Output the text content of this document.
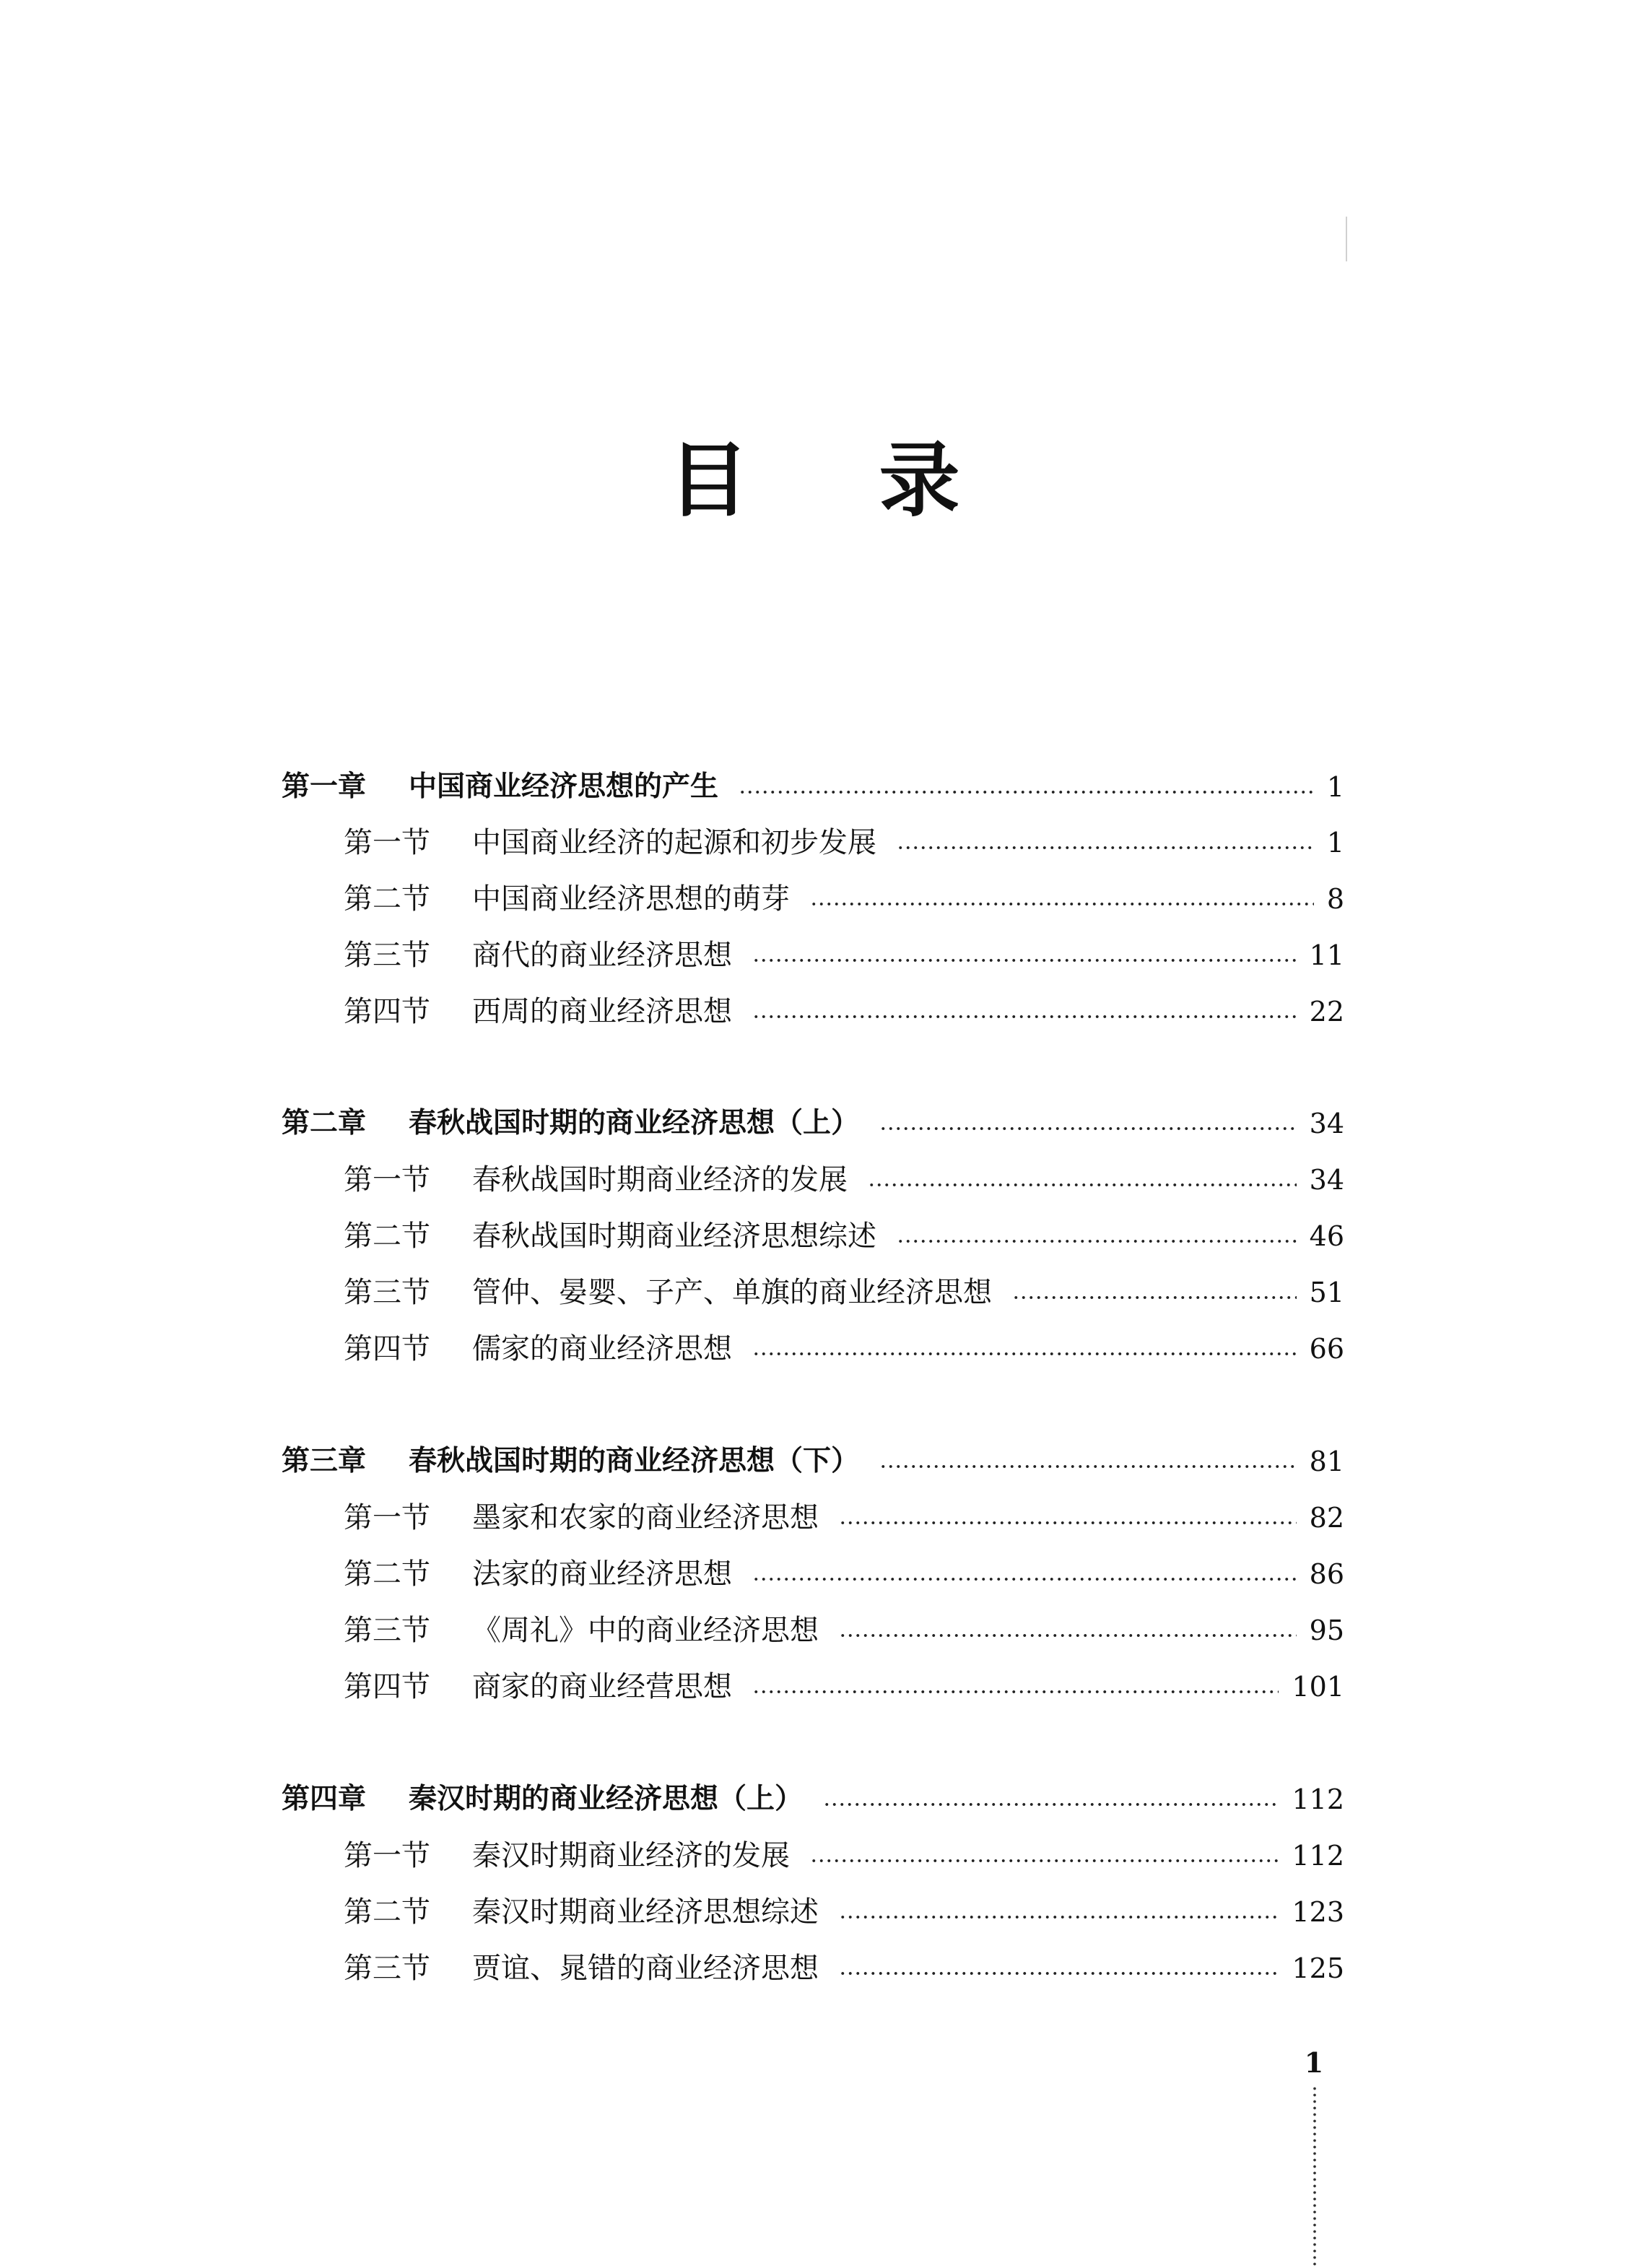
目 录
第一章	中国商业经济思想的产生	1
第一节	中国商业经济的起源和初步发展	1
第二节	中国商业经济思想的萌芽	8
第三节	商代的商业经济思想	11
第四节	西周的商业经济思想	22
第二章	春秋战国时期的商业经济思想（上）	34
第一节	春秋战国时期商业经济的发展	34
第二节	春秋战国时期商业经济思想综述	46
第三节	管仲、晏婴、子产、单旗的商业经济思想	51
第四节	儒家的商业经济思想	66
第三章	春秋战国时期的商业经济思想（下）	81
第一节	墨家和农家的商业经济思想	82
第二节	法家的商业经济思想	86
第三节	《周礼》中的商业经济思想	95
第四节	商家的商业经营思想	101
第四章	秦汉时期的商业经济思想（上）	112
第一节	秦汉时期商业经济的发展	112
第二节	秦汉时期商业经济思想综述	123
第三节	贾谊、晁错的商业经济思想	125
1
